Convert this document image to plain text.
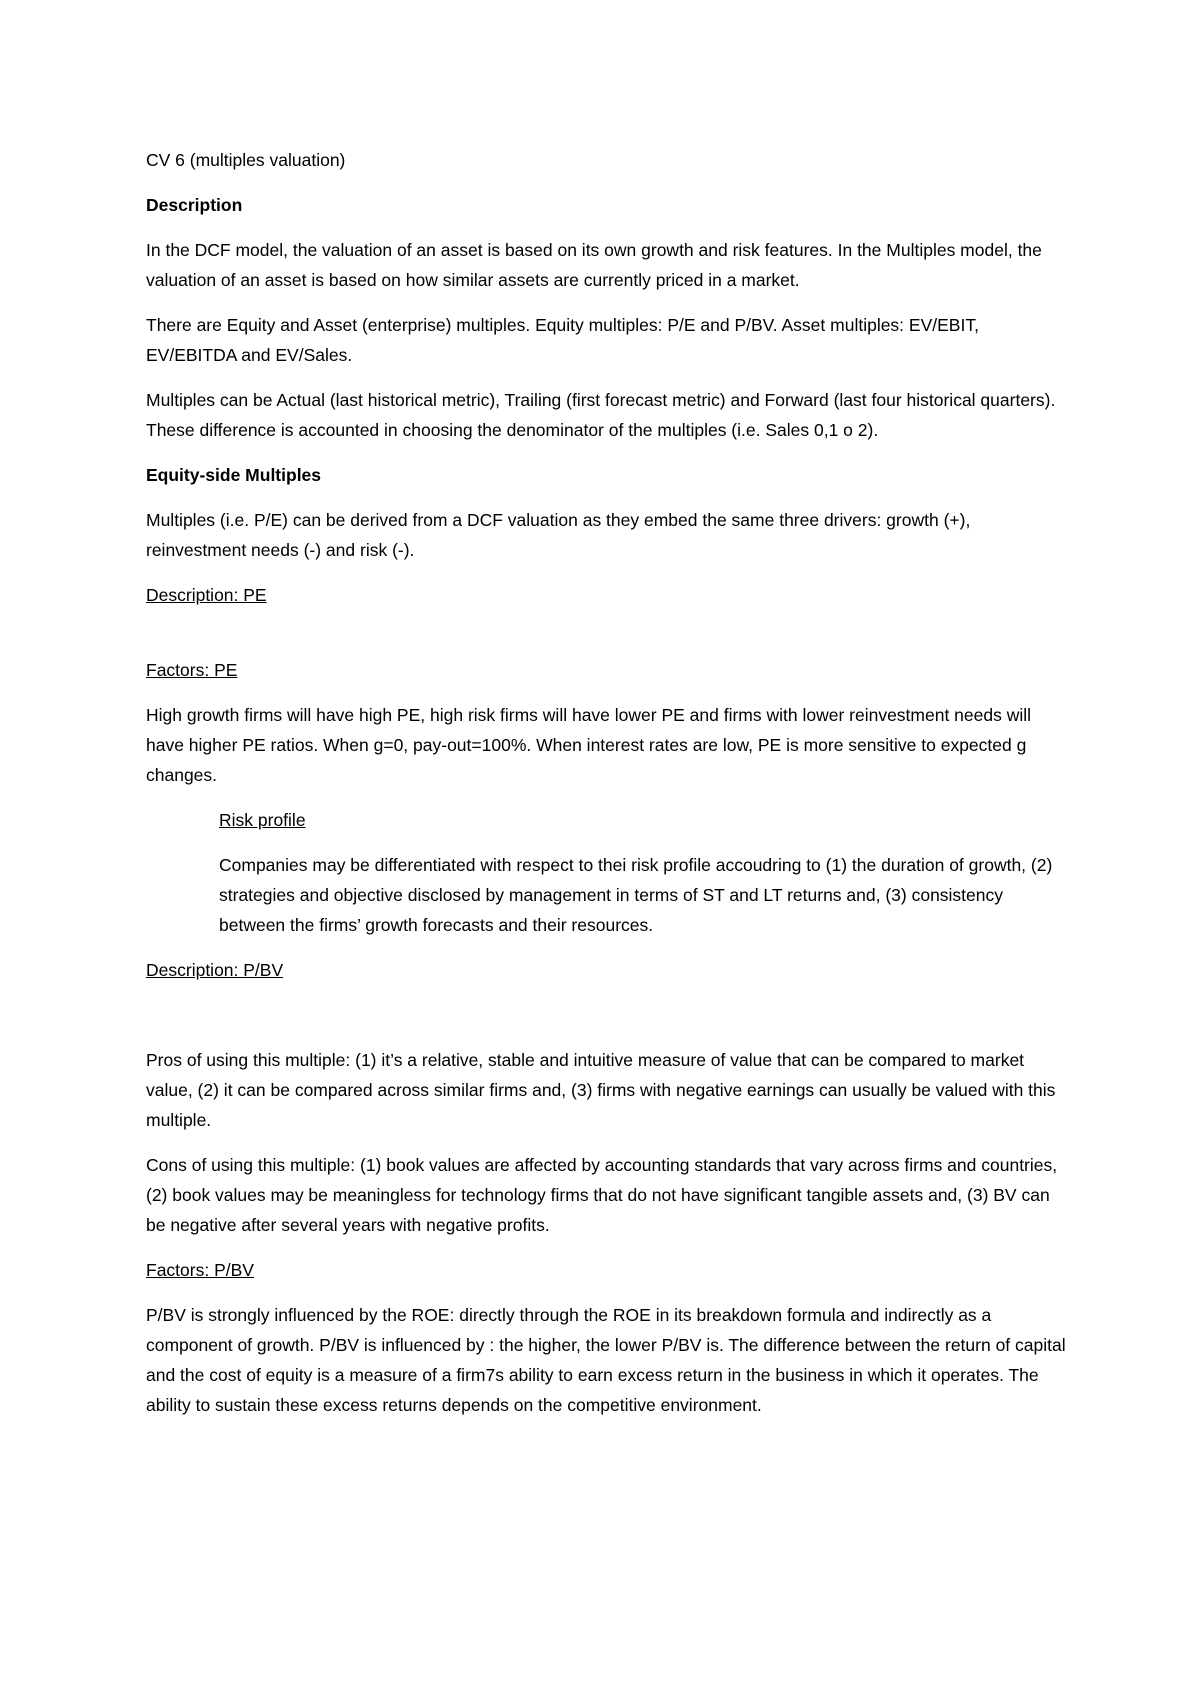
CV 6 (multiples valuation)

Description

In the DCF model, the valuation of an asset is based on its own growth and risk features. In the Multiples model, the valuation of an asset is based on how similar assets are currently priced in a market.

There are Equity and Asset (enterprise) multiples. Equity multiples: P/E and P/BV. Asset multiples: EV/EBIT, EV/EBITDA and EV/Sales.

Multiples can be Actual (last historical metric), Trailing (first forecast metric) and Forward (last four historical quarters). These difference is accounted in choosing the denominator of the multiples (i.e. Sales 0,1 o 2).

Equity-side Multiples

Multiples (i.e. P/E) can be derived from a DCF valuation as they embed the same three drivers: growth (+), reinvestment needs (-) and risk (-).

Description: PE

Factors: PE

High growth firms will have high PE, high risk firms will have lower PE and firms with lower reinvestment needs will have higher PE ratios. When g=0, pay-out=100%. When interest rates are low, PE is more sensitive to expected g changes.

Risk profile

Companies may be differentiated with respect to thei risk profile accoudring to (1) the duration of growth, (2) strategies and objective disclosed by management in terms of ST and LT returns and, (3) consistency between the firms’ growth forecasts and their resources.

Description: P/BV

Pros of using this multiple: (1) it’s a relative, stable and intuitive measure of value that can be compared to market value, (2) it can be compared across similar firms and, (3) firms with negative earnings can usually be valued with this multiple.

Cons of using this multiple: (1) book values are affected by accounting standards that vary across firms and countries, (2) book values may be meaningless for technology firms that do not have significant tangible assets and, (3) BV can be negative after several years with negative profits.

Factors: P/BV

P/BV is strongly influenced by the ROE: directly through the ROE in its breakdown formula and indirectly as a component of growth. P/BV is influenced by : the higher, the lower P/BV is. The difference between the return of capital and the cost of equity is a measure of a firm7s ability to earn excess return in the business in which it operates. The ability to sustain these excess returns depends on the competitive environment.
